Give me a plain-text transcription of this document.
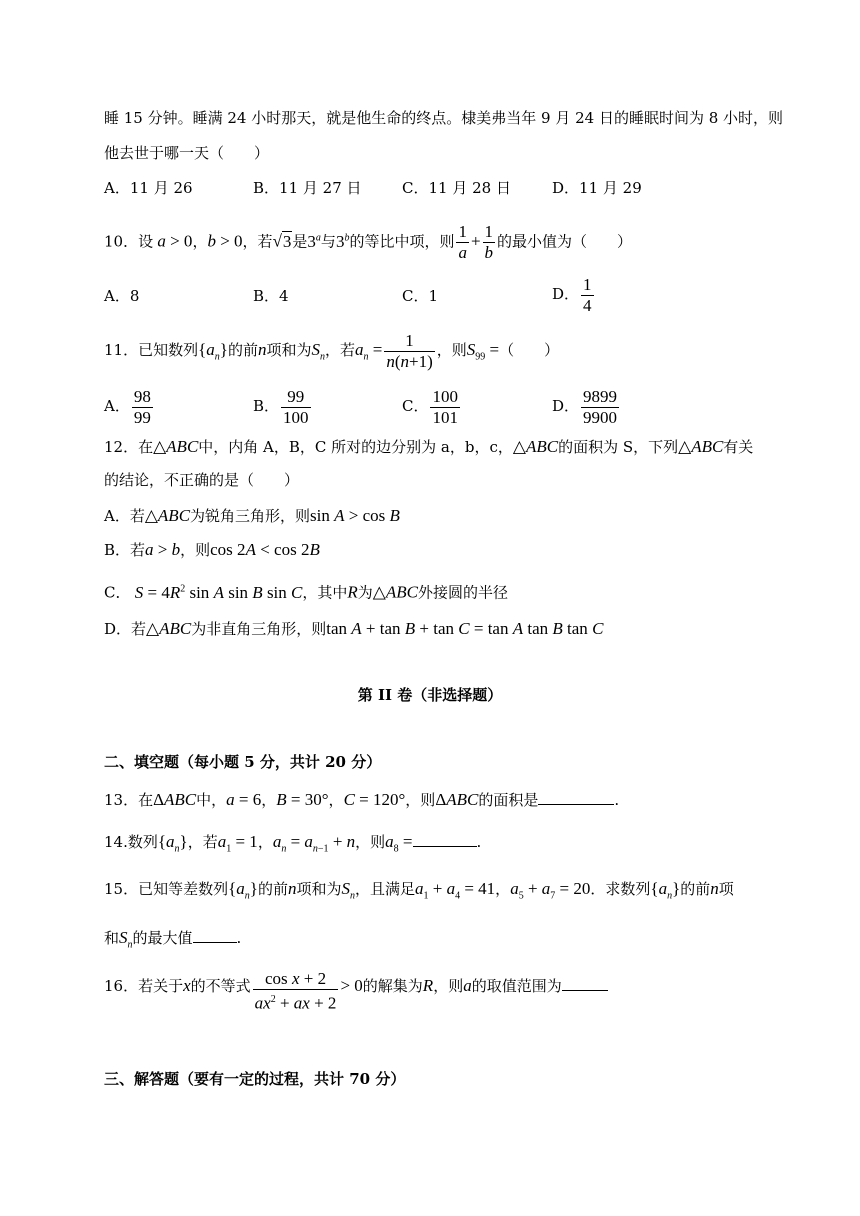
睡 15 分钟。睡满 24 小时那天，就是他生命的终点。棣美弗当年 9 月 24 日的睡眠时间为 8 小时，则
他去世于哪一天（　　）
A．11 月 26	B．11 月 27 日	C．11 月 28 日	D．11 月 29
10．设 a > 0，b > 0，若√3是3$^a$与3$^b$的等比中项，则 $\frac{1}{a} + \frac{1}{b}$ 的最小值为（　　）
A．8	B．4	C．1	D． $\frac{1}{4}$
11．已知数列$\{a_n\}$的前n项和为$S_n$，若$a_n = \frac{1}{n(n+1)}$ ，则$S_{99}$ =（　　）
A． $\frac{98}{99}$	B． $\frac{99}{100}$	C． $\frac{100}{101}$	D． $\frac{9899}{9900}$
12．在△ABC中，内角 A，B，C 所对的边分别为 a，b，c，△ABC的面积为 S，下列△ABC有关
的结论，不正确的是（　　）
A．若△ABC为锐角三角形，则sin A > cos B
B．若a > b，则cos 2A < cos 2B
C． $S = 4R^2$ sin A sin B sin C，其中R为△ABC外接圆的半径
D．若△ABC为非直角三角形，则tan A + tan B + tan C = tan A tan B tan C
第 II 卷（非选择题）
二、填空题（每小题 5 分，共计 20 分）
13．在ΔABC中，a = 6，B = 30°，C = 120°，则ΔABC的面积是	.
14.数列$\{a_n\}$，若$a_1 = 1$，$a_n = a_{n-1} + n$，则$a_8$ =	.
15．已知等差数列$\{a_n\}$的前n项和为$S_n$，且满足$a_1 + a_4 = 41$，$a_5 + a_7 = 20$．求数列$\{a_n\}$的前n项
和$S_n$的最大值	.
16．若关于x的不等式 $\frac{\text{cos x + 2}}{ax^2 + ax + 2} > 0$的解集为R，则a的取值范围为
三、解答题（要有一定的过程，共计 70 分）
